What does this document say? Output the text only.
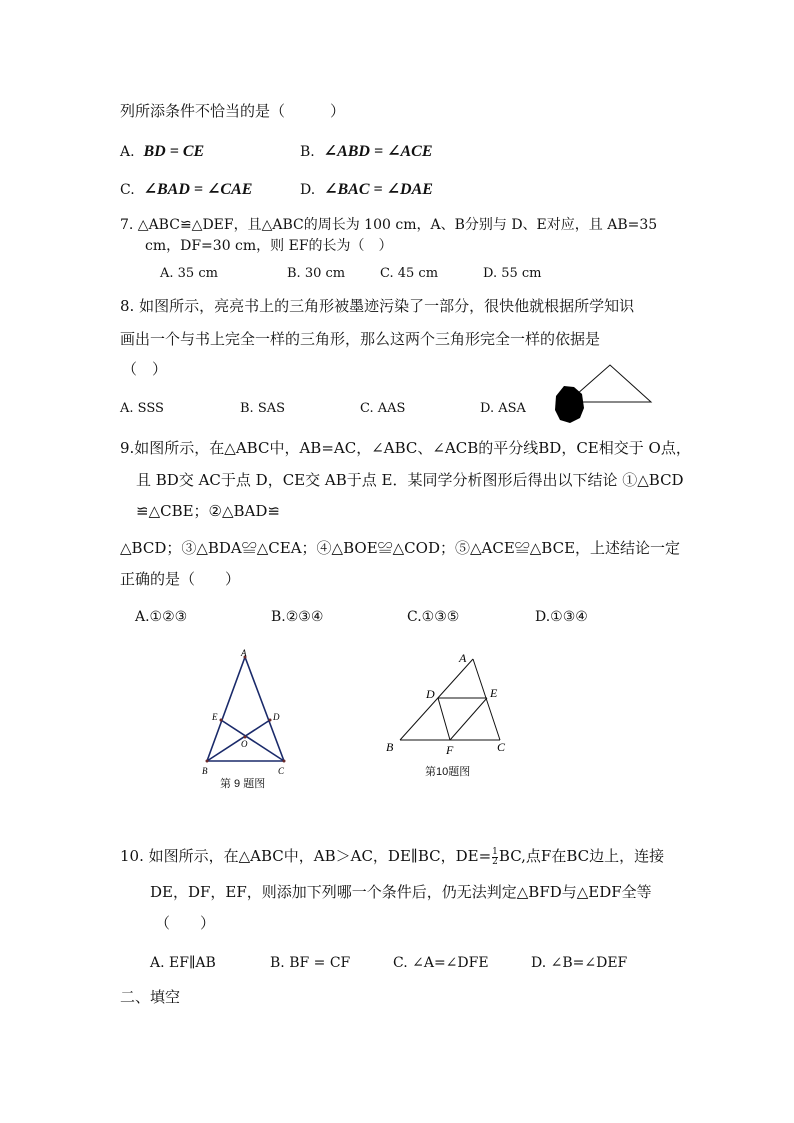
列所添条件不恰当的是（　　　）
A. BD = CE	B. ∠ABD = ∠ACE
C. ∠BAD = ∠CAE	D. ∠BAC = ∠DAE
7. △ABC≌△DEF，且△ABC的周长为 100 cm，A、B分别与 D、E对应，且 AB=35
cm，DF=30 cm，则 EF的长为（　）
A. 35 cm	B. 30 cm	C. 45 cm	D. 55 cm
8. 如图所示，亮亮书上的三角形被墨迹污染了一部分，很快他就根据所学知识
画出一个与书上完全一样的三角形，那么这两个三角形完全一样的依据是
（　）
A. SSS	B. SAS	C. AAS	D. ASA
9.如图所示，在△ABC中，AB=AC，∠ABC、∠ACB的平分线BD，CE相交于 O点，
且 BD交 AC于点 D，CE交 AB于点 E．某同学分析图形后得出以下结论 ①△BCD
≌△CBE；②△BAD≌
△BCD；③△BDA≌△CEA；④△BOE≌△COD；⑤△ACE≌△BCE，上述结论一定
正确的是（　　）
A.①②③	B.②③④	C.①③⑤	D.①③④
A
E	D
O
B	C
第 9 题图
A
D	E
B	F	C
第10题图
10. 如图所示，在△ABC中，AB＞AC，DE∥BC，$DE= \frac{1}{2}$ BC,点F在BC边上，连接
DE，DF，EF，则添加下列哪一个条件后，仍无法判定△BFD与△EDF全等
（　　）
A. EF∥AB	B. BF = CF	C. ∠A=∠DFE	D. ∠B=∠DEF
二、填空
